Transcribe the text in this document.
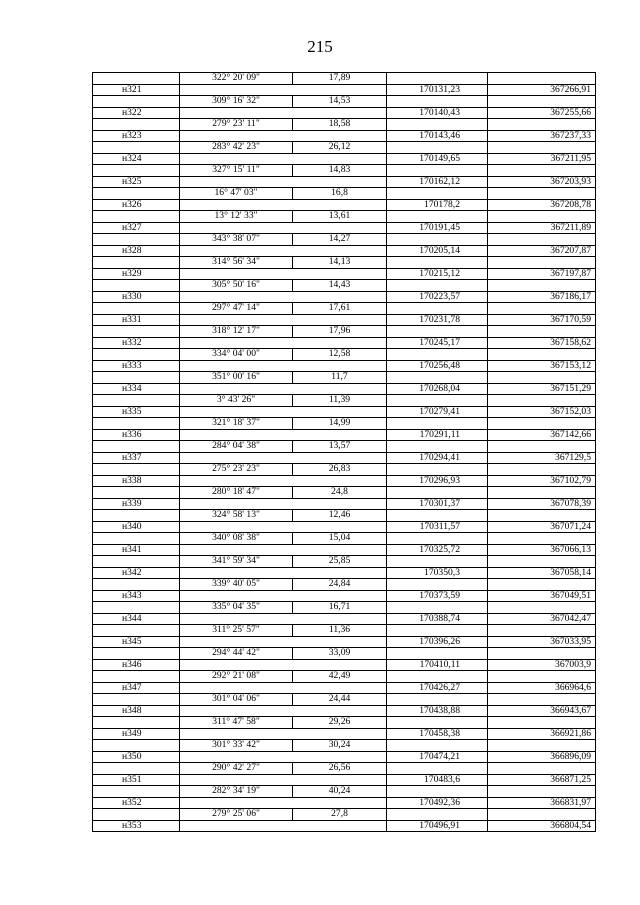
215
	322° 20' 09"	17,89		
н321			170131,23	367266,91
	309° 16' 32"	14,53		
н322			170140,43	367255,66
	279° 23' 11"	18,58		
н323			170143,46	367237,33
	283° 42' 23"	26,12		
н324			170149,65	367211,95
	327° 15' 11"	14,83		
н325			170162,12	367203,93
	16° 47' 03"	16,8		
н326			170178,2	367208,78
	13° 12' 33"	13,61		
н327			170191,45	367211,89
	343° 38' 07"	14,27		
н328			170205,14	367207,87
	314° 56' 34"	14,13		
н329			170215,12	367197,87
	305° 50' 16"	14,43		
н330			170223,57	367186,17
	297° 47' 14"	17,61		
н331			170231,78	367170,59
	318° 12' 17"	17,96		
н332			170245,17	367158,62
	334° 04' 00"	12,58		
н333			170256,48	367153,12
	351° 00' 16"	11,7		
н334			170268,04	367151,29
	3° 43' 26"	11,39		
н335			170279,41	367152,03
	321° 18' 37"	14,99		
н336			170291,11	367142,66
	284° 04' 38"	13,57		
н337			170294,41	367129,5
	275° 23' 23"	26,83		
н338			170296,93	367102,79
	280° 18' 47"	24,8		
н339			170301,37	367078,39
	324° 58' 13"	12,46		
н340			170311,57	367071,24
	340° 08' 38"	15,04		
н341			170325,72	367066,13
	341° 59' 34"	25,85		
н342			170350,3	367058,14
	339° 40' 05"	24,84		
н343			170373,59	367049,51
	335° 04' 35"	16,71		
н344			170388,74	367042,47
	311° 25' 57"	11,36		
н345			170396,26	367033,95
	294° 44' 42"	33,09		
н346			170410,11	367003,9
	292° 21' 08"	42,49		
н347			170426,27	366964,6
	301° 04' 06"	24,44		
н348			170438,88	366943,67
	311° 47' 58"	29,26		
н349			170458,38	366921,86
	301° 33' 42"	30,24		
н350			170474,21	366896,09
	290° 42' 27"	26,56		
н351			170483,6	366871,25
	282° 34' 19"	40,24		
н352			170492,36	366831,97
	279° 25' 06"	27,8		
н353			170496,91	366804,54
